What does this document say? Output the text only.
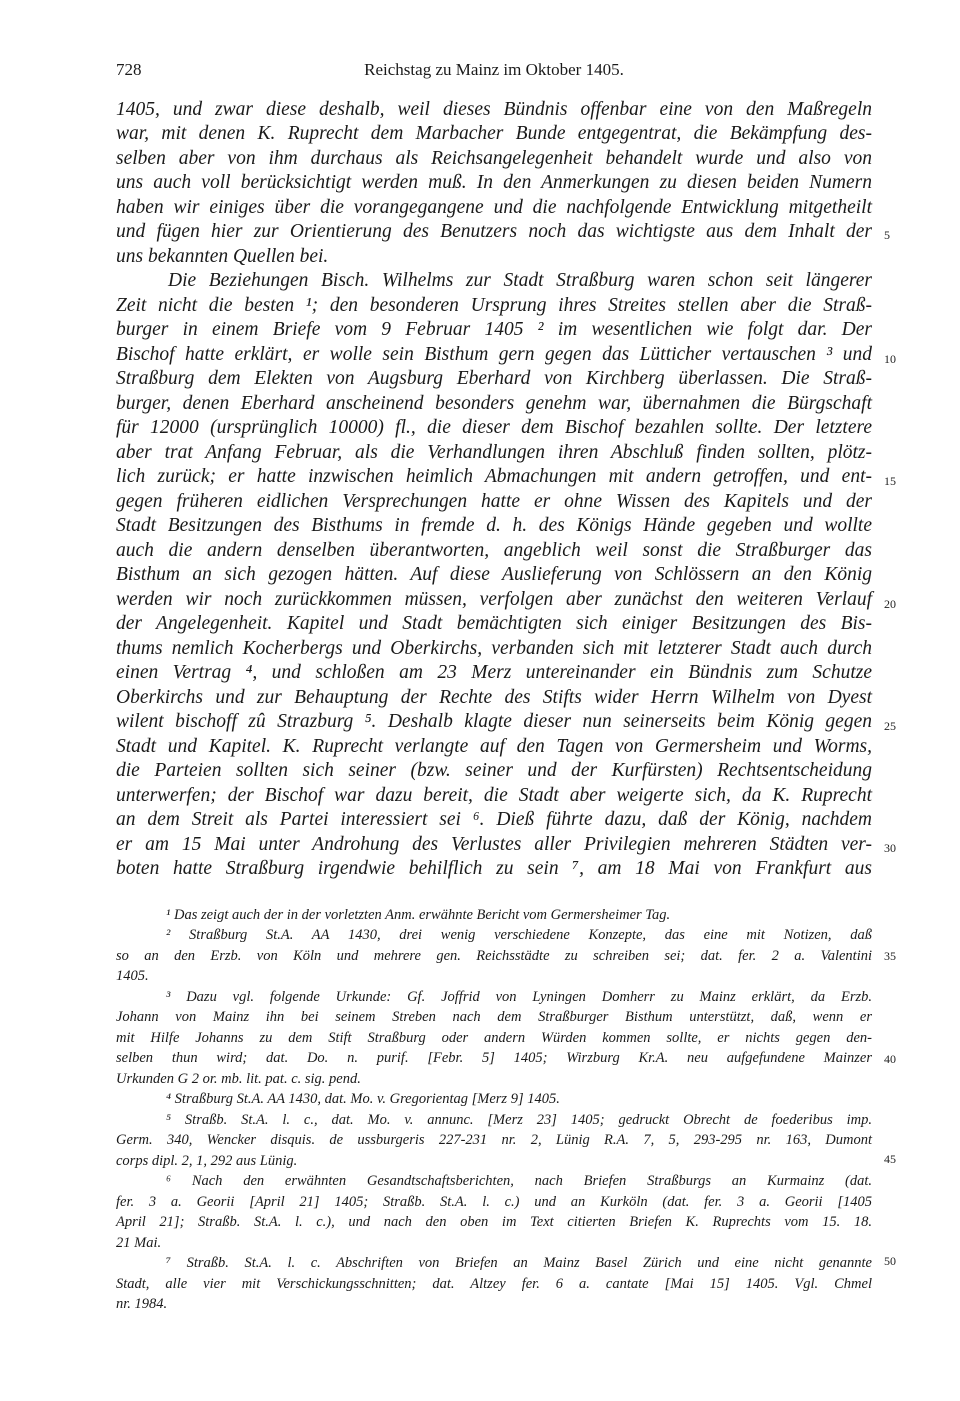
728	Reichstag zu Mainz im Oktober 1405.
1405, und zwar diese deshalb, weil dieses Bündnis offenbar eine von den Maßregeln
war, mit denen K. Ruprecht dem Marbacher Bunde entgegentrat, die Bekämpfung des-
selben aber von ihm durchaus als Reichsangelegenheit behandelt wurde und also von
uns auch voll berücksichtigt werden muß. In den Anmerkungen zu diesen beiden Numern
haben wir einiges über die vorangegangene und die nachfolgende Entwicklung mitgetheilt
und fügen hier zur Orientierung des Benutzers noch das wichtigste aus dem Inhalt der
uns bekannten Quellen bei.
Die Beziehungen Bisch. Wilhelms zur Stadt Straßburg waren schon seit längerer
Zeit nicht die besten ¹; den besonderen Ursprung ihres Streites stellen aber die Straß-
burger in einem Briefe vom 9 Februar 1405 ² im wesentlichen wie folgt dar. Der
Bischof hatte erklärt, er wolle sein Bisthum gern gegen das Lütticher vertauschen ³ und
Straßburg dem Elekten von Augsburg Eberhard von Kirchberg überlassen. Die Straß-
burger, denen Eberhard anscheinend besonders genehm war, übernahmen die Bürgschaft
für 12000 (ursprünglich 10000) fl., die dieser dem Bischof bezahlen sollte. Der letztere
aber trat Anfang Februar, als die Verhandlungen ihren Abschluß finden sollten, plötz-
lich zurück; er hatte inzwischen heimlich Abmachungen mit andern getroffen, und ent-
gegen früheren eidlichen Versprechungen hatte er ohne Wissen des Kapitels und der
Stadt Besitzungen des Bisthums in fremde d. h. des Königs Hände gegeben und wollte
auch die andern denselben überantworten, angeblich weil sonst die Straßburger das
Bisthum an sich gezogen hätten. Auf diese Auslieferung von Schlössern an den König
werden wir noch zurückkommen müssen, verfolgen aber zunächst den weiteren Verlauf
der Angelegenheit. Kapitel und Stadt bemächtigten sich einiger Besitzungen des Bis-
thums nemlich Kocherbergs und Oberkirchs, verbanden sich mit letzterer Stadt auch durch
einen Vertrag ⁴, und schloßen am 23 Merz untereinander ein Bündnis zum Schutze
Oberkirchs und zur Behauptung der Rechte des Stifts wider Herrn Wilhelm von Dyest
wilent bischoff zû Strazburg ⁵. Deshalb klagte dieser nun seinerseits beim König gegen
Stadt und Kapitel. K. Ruprecht verlangte auf den Tagen von Germersheim und Worms,
die Parteien sollten sich seiner (bzw. seiner und der Kurfürsten) Rechtsentscheidung
unterwerfen; der Bischof war dazu bereit, die Stadt aber weigerte sich, da K. Ruprecht
an dem Streit als Partei interessiert sei ⁶. Dieß führte dazu, daß der König, nachdem
er am 15 Mai unter Androhung des Verlustes aller Privilegien mehreren Städten ver-
boten hatte Straßburg irgendwie behilflich zu sein ⁷, am 18 Mai von Frankfurt aus
¹ Das zeigt auch der in der vorletzten Anm. erwähnte Bericht vom Germersheimer Tag.
² Straßburg St.A. AA 1430, drei wenig verschiedene Konzepte, das eine mit Notizen, daß
so an den Erzb. von Köln und mehrere gen. Reichsstädte zu schreiben sei; dat. fer. 2 a. Valentini
1405.
³ Dazu vgl. folgende Urkunde: Gf. Joffrid von Lyningen Domherr zu Mainz erklärt, da Erzb.
Johann von Mainz ihn bei seinem Streben nach dem Straßburger Bisthum unterstützt, daß, wenn er
mit Hilfe Johanns zu dem Stift Straßburg oder andern Würden kommen sollte, er nichts gegen den-
selben thun wird; dat. Do. n. purif. [Febr. 5] 1405; Wirzburg Kr.A. neu aufgefundene Mainzer
Urkunden G 2 or. mb. lit. pat. c. sig. pend.
⁴ Straßburg St.A. AA 1430, dat. Mo. v. Gregorientag [Merz 9] 1405.
⁵ Straßb. St.A. l. c., dat. Mo. v. annunc. [Merz 23] 1405; gedruckt Obrecht de foederibus imp.
Germ. 340, Wencker disquis. de ussburgeris 227-231 nr. 2, Lünig R.A. 7, 5, 293-295 nr. 163, Dumont
corps dipl. 2, 1, 292 aus Lünig.
⁶ Nach den erwähnten Gesandtschaftsberichten, nach Briefen Straßburgs an Kurmainz (dat.
fer. 3 a. Georii [April 21] 1405; Straßb. St.A. l. c.) und an Kurköln (dat. fer. 3 a. Georii [1405
April 21]; Straßb. St.A. l. c.), und nach den oben im Text citierten Briefen K. Ruprechts vom 15. 18.
21 Mai.
⁷ Straßb. St.A. l. c. Abschriften von Briefen an Mainz Basel Zürich und eine nicht genannte
Stadt, alle vier mit Verschickungsschnitten; dat. Altzey fer. 6 a. cantate [Mai 15] 1405. Vgl. Chmel
nr. 1984.
5
10
15
20
25
30
35
40
45
50
